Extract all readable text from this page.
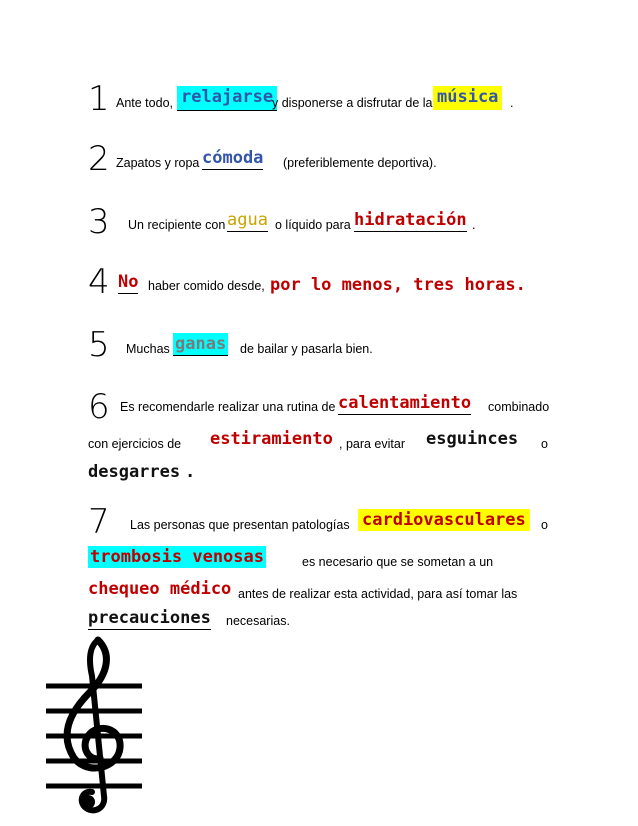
1 Ante todo, relajarse
y disponerse a disfrutar de la música .
2 Zapatos y ropa cómoda (preferiblemente deportiva).
3 Un recipiente con agua o líquido para hidratación .
4 No haber comido desde, por lo menos, tres horas.
5 Muchas ganas de bailar y pasarla bien.
6 Es recomendarle realizar una rutina de calentamiento combinado
con ejercicios de estiramiento , para evitar esguinces o
desgarres .
7 Las personas que presentan patologías cardiovasculares	o
trombosis venosas	es necesario que se sometan a un
chequeo médico antes de realizar esta actividad, para así tomar las
precauciones necesarias.
